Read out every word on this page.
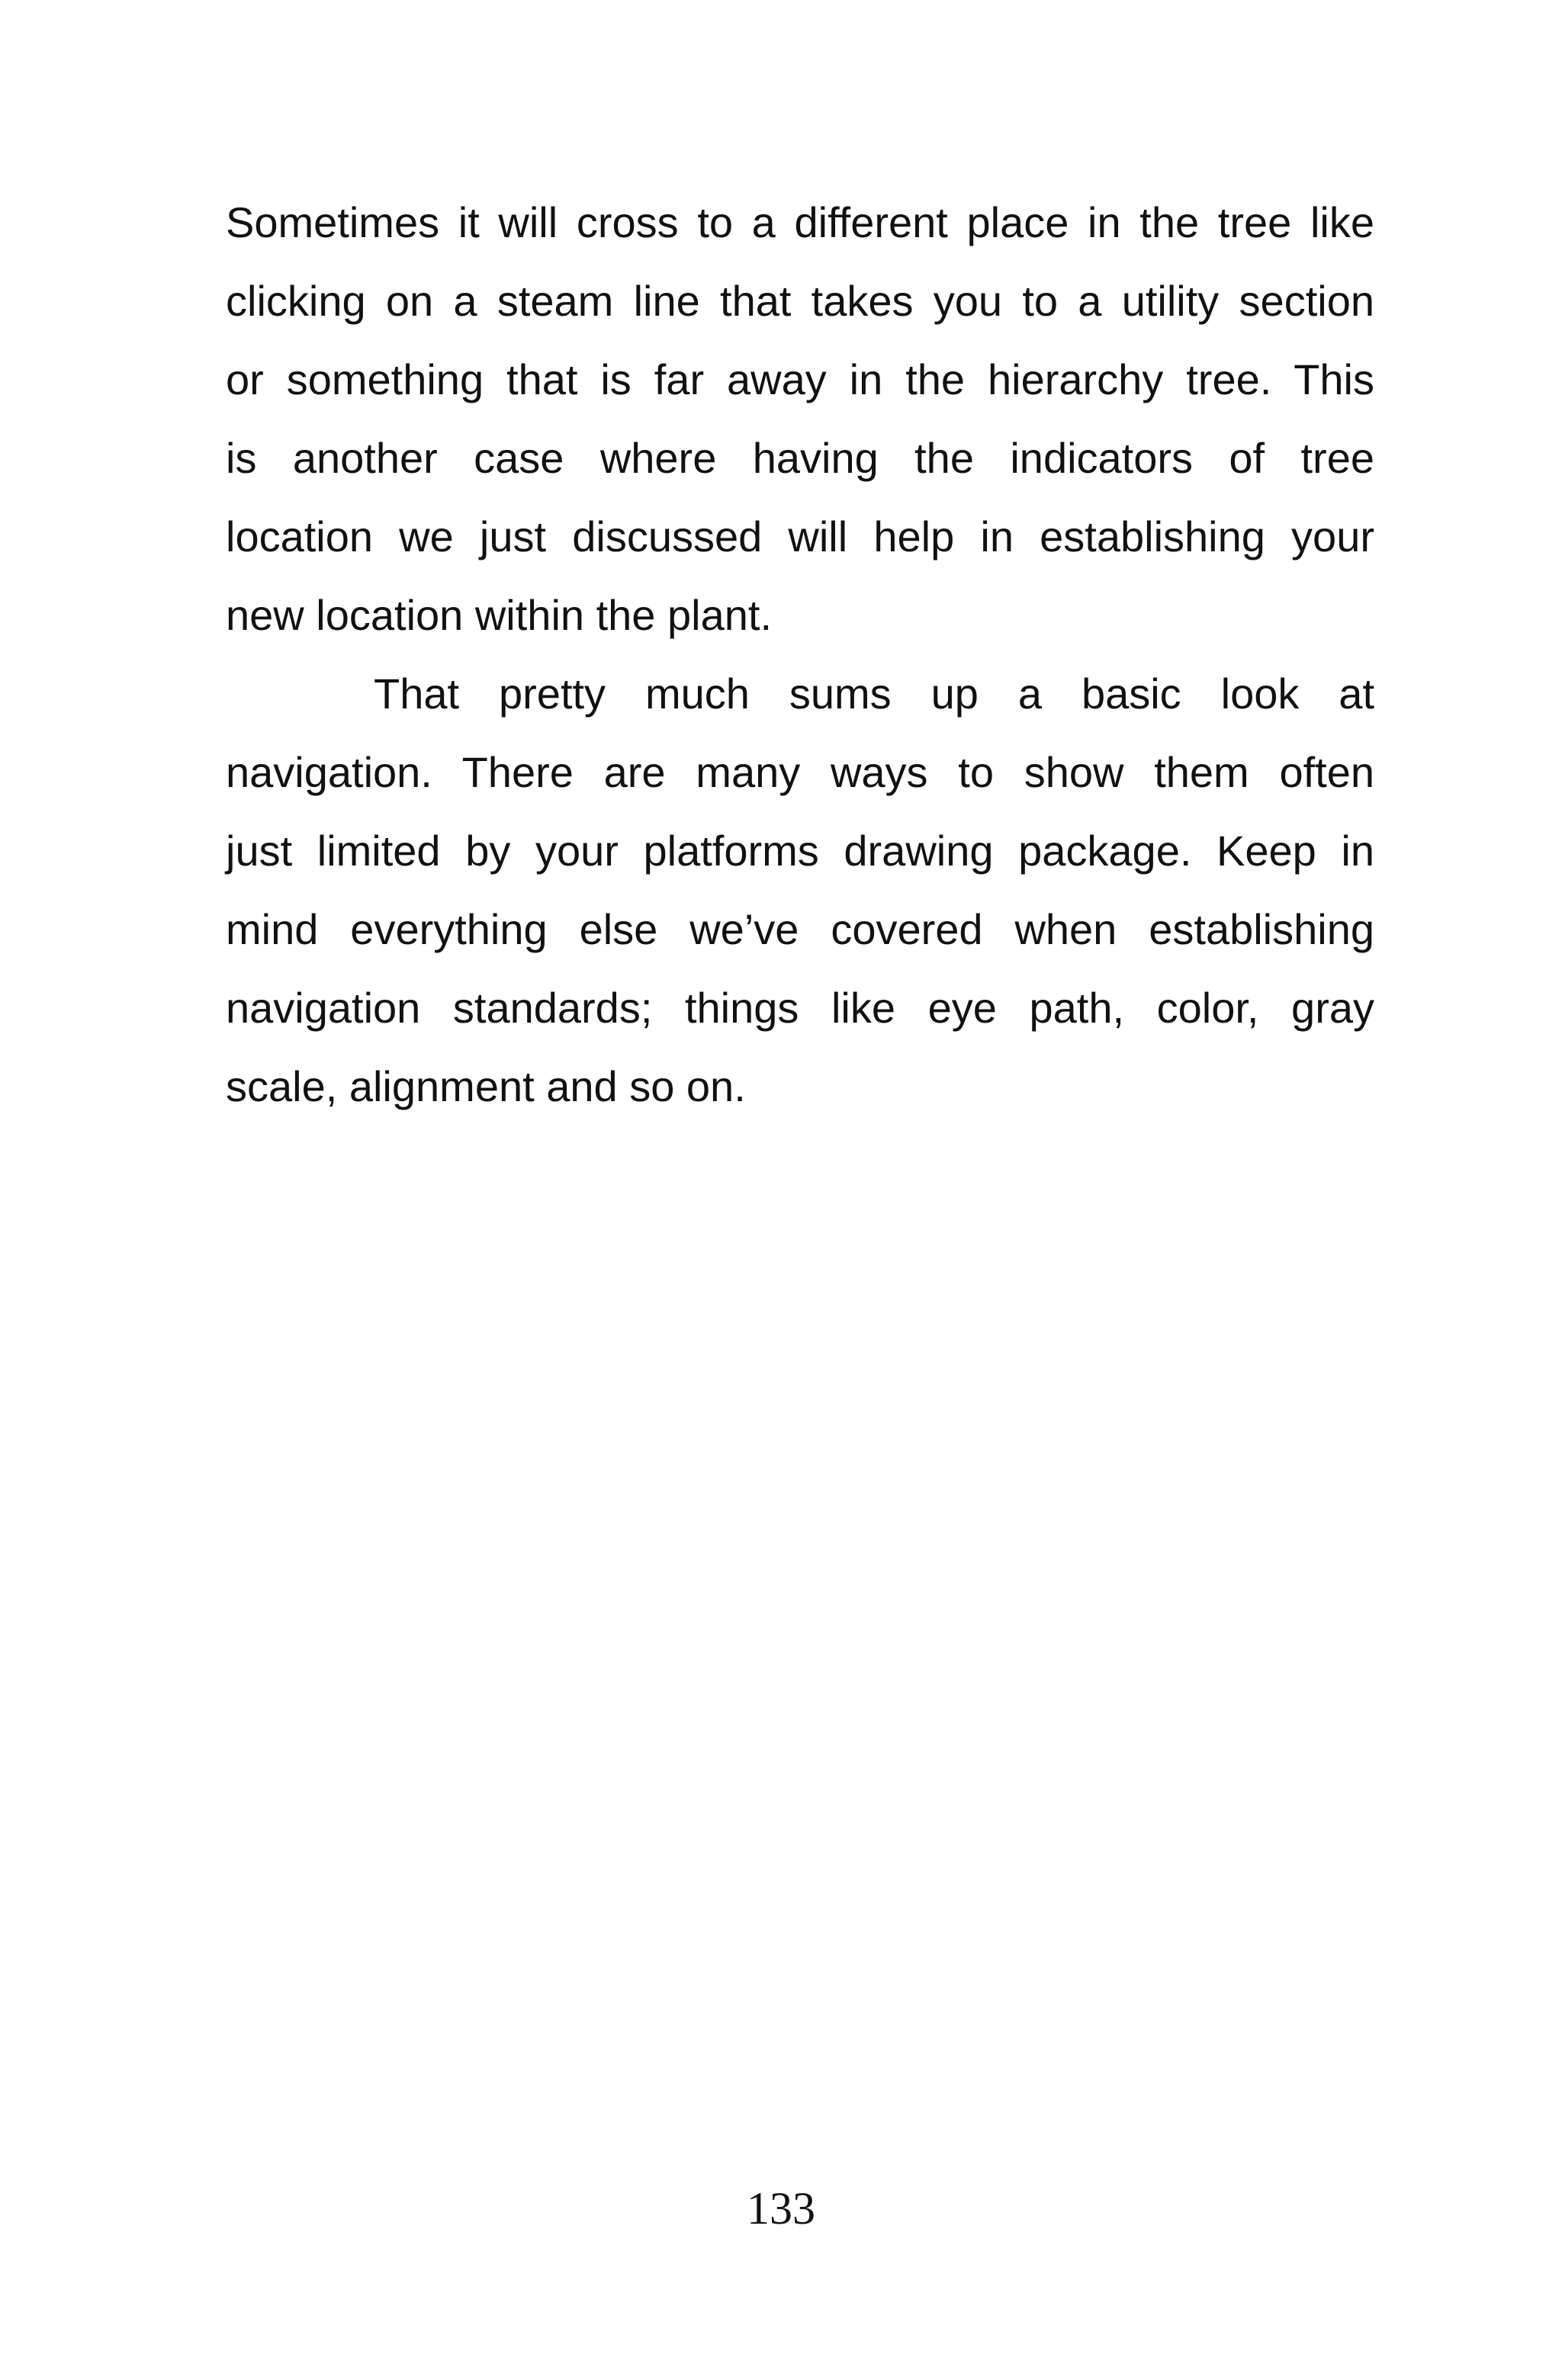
Sometimes it will cross to a different place in the tree like
clicking on a steam line that takes you to a utility section
or something that is far away in the hierarchy tree. This
is another case where having the indicators of tree
location we just discussed will help in establishing your
new location within the plant.

That pretty much sums up a basic look at
navigation. There are many ways to show them often
just limited by your platforms drawing package. Keep in
mind everything else we’ve covered when establishing
navigation standards; things like eye path, color, gray
scale, alignment and so on.

133
